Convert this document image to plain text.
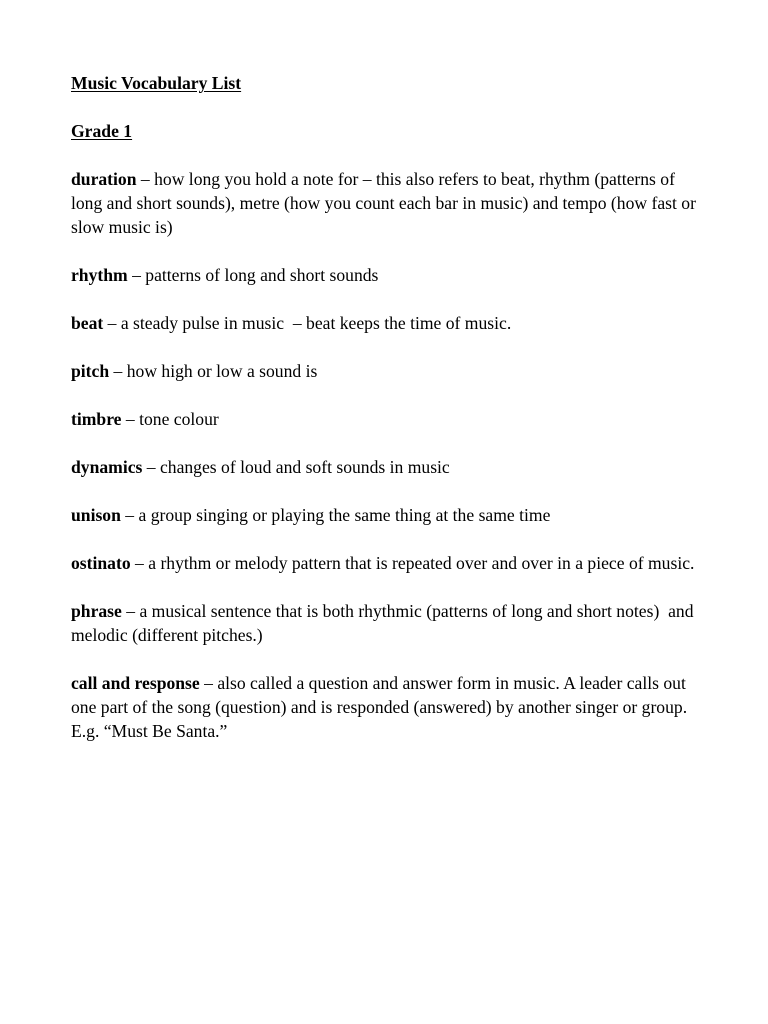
Music Vocabulary List

Grade 1

duration – how long you hold a note for – this also refers to beat, rhythm (patterns of long and short sounds), metre (how you count each bar in music) and tempo (how fast or slow music is)

rhythm – patterns of long and short sounds

beat – a steady pulse in music  – beat keeps the time of music.

pitch – how high or low a sound is

timbre – tone colour

dynamics – changes of loud and soft sounds in music

unison – a group singing or playing the same thing at the same time

ostinato – a rhythm or melody pattern that is repeated over and over in a piece of music.

phrase – a musical sentence that is both rhythmic (patterns of long and short notes)  and melodic (different pitches.)

call and response – also called a question and answer form in music. A leader calls out one part of the song (question) and is responded (answered) by another singer or group. E.g. “Must Be Santa.”
